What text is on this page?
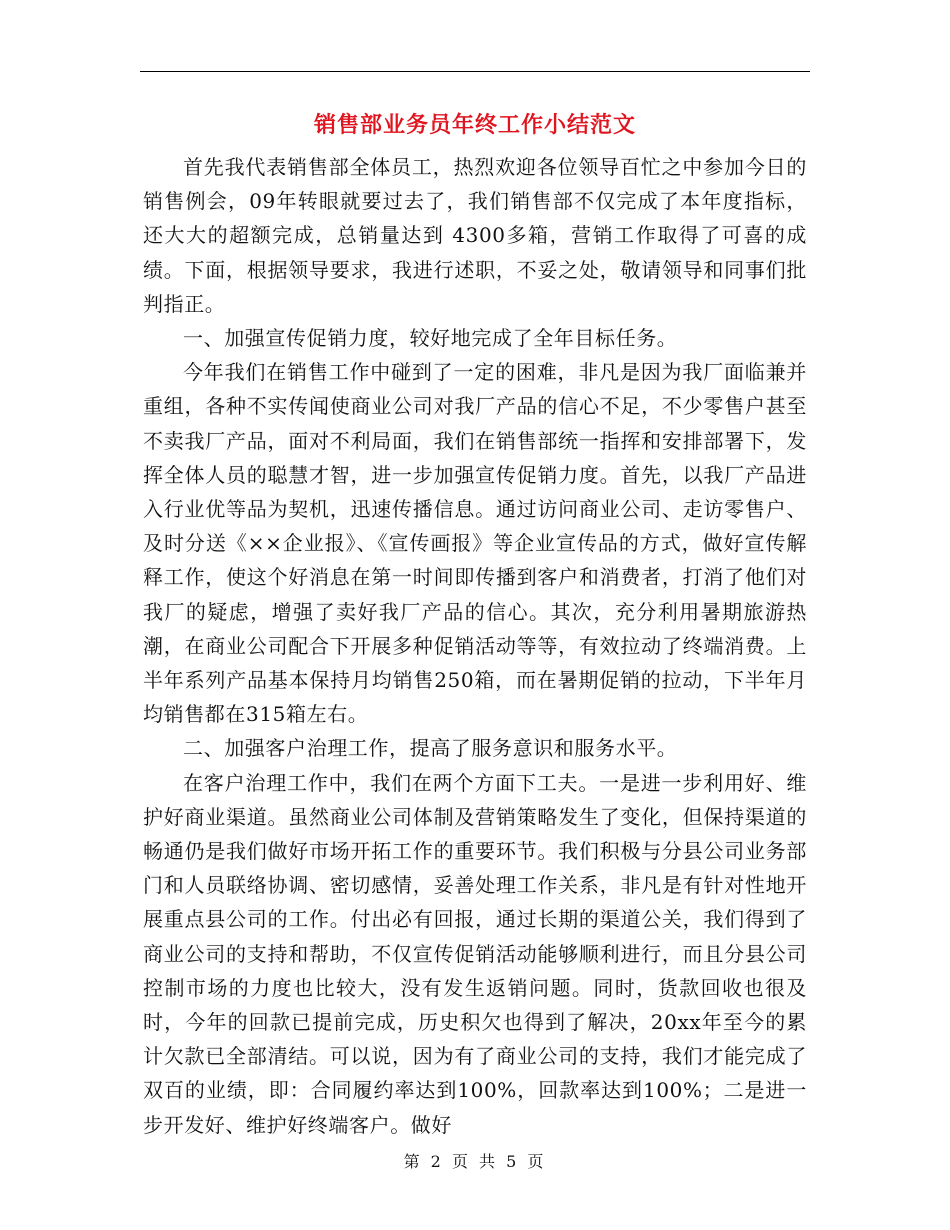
销售部业务员年终工作小结范文

首先我代表销售部全体员工，热烈欢迎各位领导百忙之中参加今日的销售例会，09年转眼就要过去了，我们销售部不仅完成了本年度指标，还大大的超额完成，总销量达到 4300多箱，营销工作取得了可喜的成绩。下面，根据领导要求，我进行述职，不妥之处，敬请领导和同事们批判指正。

一、加强宣传促销力度，较好地完成了全年目标任务。

今年我们在销售工作中碰到了一定的困难，非凡是因为我厂面临兼并重组，各种不实传闻使商业公司对我厂产品的信心不足，不少零售户甚至不卖我厂产品，面对不利局面，我们在销售部统一指挥和安排部署下，发挥全体人员的聪慧才智，进一步加强宣传促销力度。首先，以我厂产品进入行业优等品为契机，迅速传播信息。通过访问商业公司、走访零售户、及时分送《××企业报》、《宣传画报》等企业宣传品的方式，做好宣传解释工作，使这个好消息在第一时间即传播到客户和消费者，打消了他们对我厂的疑虑，增强了卖好我厂产品的信心。其次，充分利用暑期旅游热潮，在商业公司配合下开展多种促销活动等等，有效拉动了终端消费。上半年系列产品基本保持月均销售250箱，而在暑期促销的拉动，下半年月均销售都在315箱左右。

二、加强客户治理工作，提高了服务意识和服务水平。

在客户治理工作中，我们在两个方面下工夫。一是进一步利用好、维护好商业渠道。虽然商业公司体制及营销策略发生了变化，但保持渠道的畅通仍是我们做好市场开拓工作的重要环节。我们积极与分县公司业务部门和人员联络协调、密切感情，妥善处理工作关系，非凡是有针对性地开展重点县公司的工作。付出必有回报，通过长期的渠道公关，我们得到了商业公司的支持和帮助，不仅宣传促销活动能够顺利进行，而且分县公司控制市场的力度也比较大，没有发生返销问题。同时，货款回收也很及时，今年的回款已提前完成，历史积欠也得到了解决，20xx年至今的累计欠款已全部清结。可以说，因为有了商业公司的支持，我们才能完成了双百的业绩，即：合同履约率达到100%，回款率达到100%；二是进一步开发好、维护好终端客户。做好

第 2 页 共 5 页
